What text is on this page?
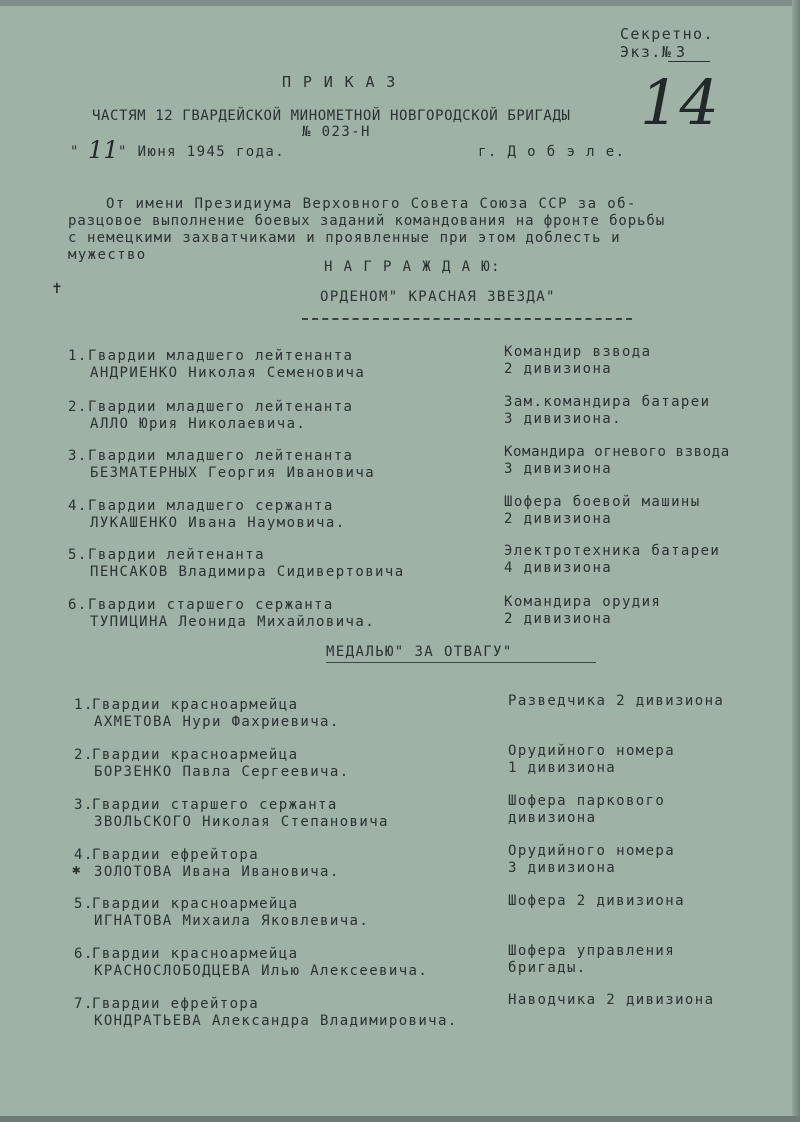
Секретно.
Экз.№ 3
14
П Р И К А З
ЧАСТЯМ 12 ГВАРДЕЙСКОЙ МИНОМЕТНОЙ НОВГОРОДСКОЙ БРИГАДЫ
№ 023-Н
" 11 " Июня 1945 года.	г. Д о б э л е.
От имени Президиума Верховного Совета Союза ССР за об-
разцовое выполнение боевых заданий командования на фронте борьбы
с немецкими захватчиками и проявленные при этом доблесть и
мужество
Н А Г Р А Ж Д А Ю:
✝	ОРДЕНОМ" КРАСНАЯ ЗВЕЗДА"
1. Гвардии младшего лейтенанта
АНДРИЕНКО Николая Семеновича
Командир взвода
2 дивизиона
2. Гвардии младшего лейтенанта
АЛЛО Юрия Николаевича.
Зам.командира батареи
3 дивизиона.
3. Гвардии младшего лейтенанта
БЕЗМАТЕРНЫХ Георгия Ивановича
Командира огневого взвода
3 дивизиона
4. Гвардии младшего сержанта
ЛУКАШЕНКО Ивана Наумовича.
Шофера боевой машины
2 дивизиона
5. Гвардии лейтенанта
ПЕНСАКОВ Владимира Сидивертовича
Электротехника батареи
4 дивизиона
6. Гвардии старшего сержанта
ТУПИЦИНА Леонида Михайловича.
Командира орудия
2 дивизиона
МЕДАЛЬЮ" ЗА ОТВАГУ"
1.
Гвардии красноармейца
АХМЕТОВА Нури Фахриевича.
Разведчика 2 дивизиона
2.
Гвардии красноармейца
БОРЗЕНКО Павла Сергеевича.
Орудийного номера
1 дивизиона
3.
Гвардии старшего сержанта
ЗВОЛЬСКОГО Николая Степановича
Шофера паркового
дивизиона
4.
Гвардии ефрейтора
ЗОЛОТОВА Ивана Ивановича.
Орудийного номера
3 дивизиона
✱
5.
Гвардии красноармейца
ИГНАТОВА Михаила Яковлевича.
Шофера 2 дивизиона
6.
Гвардии красноармейца
КРАСНОСЛОБОДЦЕВА Илью Алексеевича.
Шофера управления
бригады.
7.
Гвардии ефрейтора
КОНДРАТЬЕВА Александра Владимировича.
Наводчика 2 дивизиона
